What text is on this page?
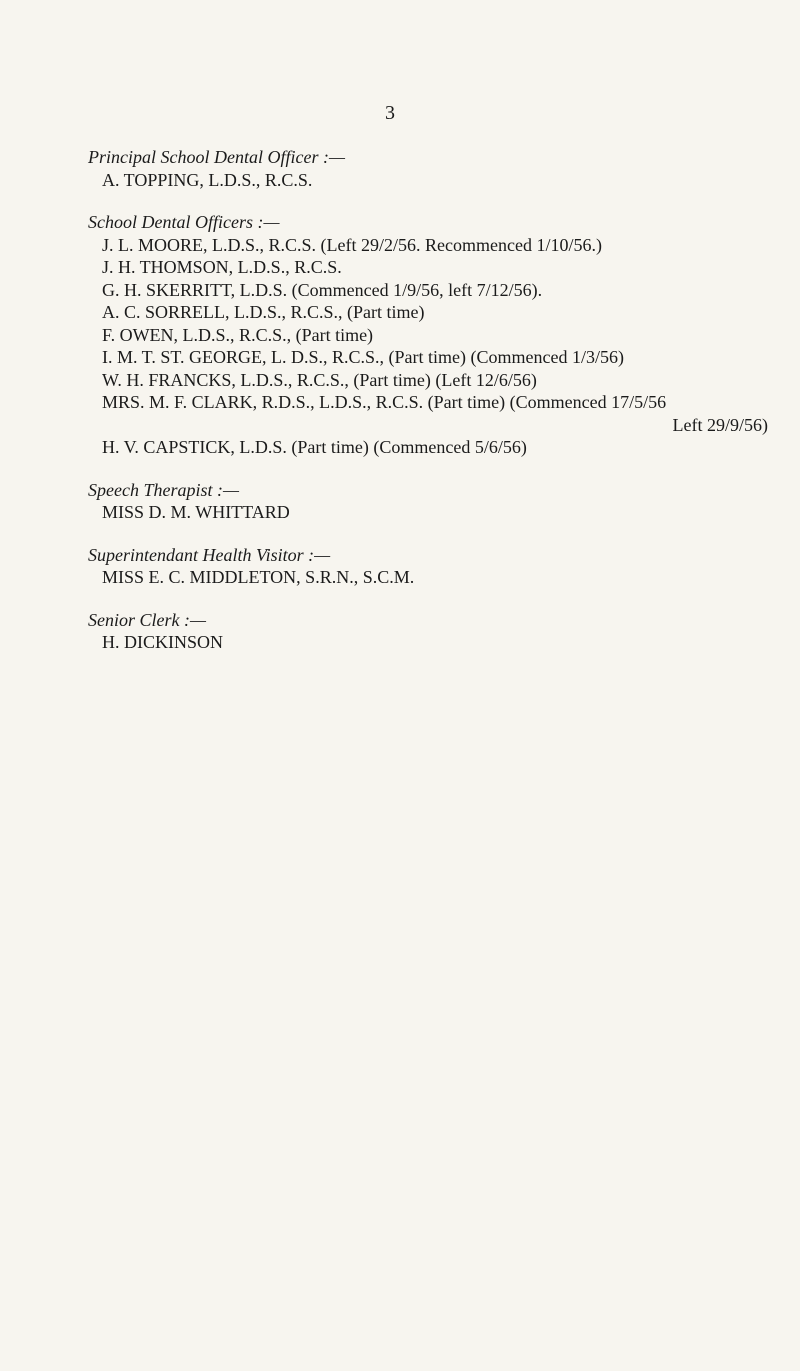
3
Principal School Dental Officer :—
A. TOPPING, L.D.S., R.C.S.
School Dental Officers :—
J. L. MOORE, L.D.S., R.C.S. (Left 29/2/56. Recommenced 1/10/56.)
J. H. THOMSON, L.D.S., R.C.S.
G. H. SKERRITT, L.D.S. (Commenced 1/9/56, left 7/12/56).
A. C. SORRELL, L.D.S., R.C.S., (Part time)
F. OWEN, L.D.S., R.C.S., (Part time)
I. M. T. ST. GEORGE, L. D.S., R.C.S., (Part time) (Commenced 1/3/56)
W. H. FRANCKS, L.D.S., R.C.S., (Part time) (Left 12/6/56)
MRS. M. F. CLARK, R.D.S., L.D.S., R.C.S. (Part time) (Commenced 17/5/56
Left 29/9/56)
H. V. CAPSTICK, L.D.S. (Part time) (Commenced 5/6/56)
Speech Therapist :—
MISS D. M. WHITTARD
Superintendant Health Visitor :—
MISS E. C. MIDDLETON, S.R.N., S.C.M.
Senior Clerk :—
H. DICKINSON
